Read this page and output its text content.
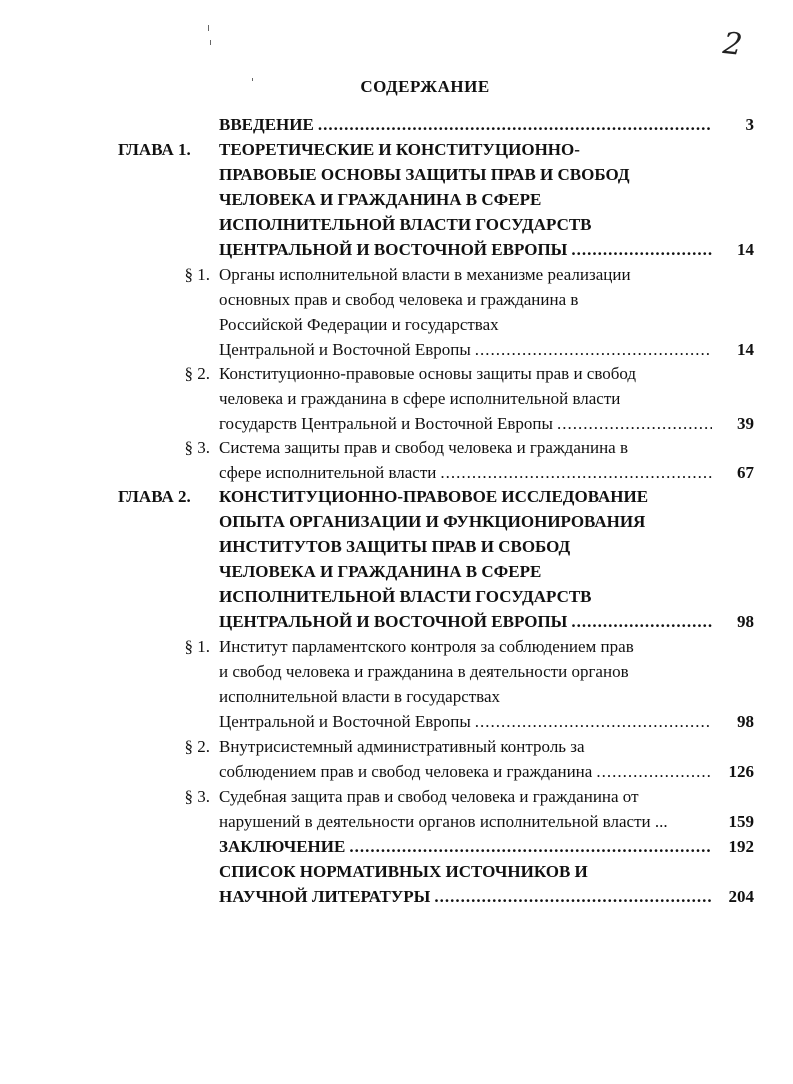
2
СОДЕРЖАНИЕ
ВВЕДЕНИЕ .....	3
ГЛАВА 1.	ТЕОРЕТИЧЕСКИЕ И КОНСТИТУЦИОННО-
ПРАВОВЫЕ ОСНОВЫ ЗАЩИТЫ ПРАВ И СВОБОД
ЧЕЛОВЕКА И ГРАЖДАНИНА В СФЕРЕ
ИСПОЛНИТЕЛЬНОЙ ВЛАСТИ ГОСУДАРСТВ
ЦЕНТРАЛЬНОЙ И ВОСТОЧНОЙ ЕВРОПЫ .....	14
§ 1. Органы исполнительной власти в механизме реализации
основных прав и свобод человека и гражданина в
Российской Федерации и государствах
Центральной и Восточной Европы .....	14
§ 2. Конституционно-правовые основы защиты прав и свобод
человека и гражданина в сфере исполнительной власти
государств Центральной и Восточной Европы .....	39
§ 3. Система защиты прав и свобод человека и гражданина в
сфере исполнительной власти .....	67
ГЛАВА 2.	КОНСТИТУЦИОННО-ПРАВОВОЕ ИССЛЕДОВАНИЕ
ОПЫТА ОРГАНИЗАЦИИ И ФУНКЦИОНИРОВАНИЯ
ИНСТИТУТОВ ЗАЩИТЫ ПРАВ И СВОБОД
ЧЕЛОВЕКА И ГРАЖДАНИНА В СФЕРЕ
ИСПОЛНИТЕЛЬНОЙ ВЛАСТИ ГОСУДАРСТВ
ЦЕНТРАЛЬНОЙ И ВОСТОЧНОЙ ЕВРОПЫ .....	98
§ 1. Институт парламентского контроля за соблюдением прав
и свобод человека и гражданина в деятельности органов
исполнительной власти в государствах
Центральной и Восточной Европы .....	98
§ 2. Внутрисистемный административный контроль за
соблюдением прав и свобод человека и гражданина .....	126
§ 3. Судебная защита прав и свобод человека и гражданина от
нарушений в деятельности органов исполнительной власти ...	159
ЗАКЛЮЧЕНИЕ .....	192
СПИСОК НОРМАТИВНЫХ ИСТОЧНИКОВ И
НАУЧНОЙ ЛИТЕРАТУРЫ .....	204
